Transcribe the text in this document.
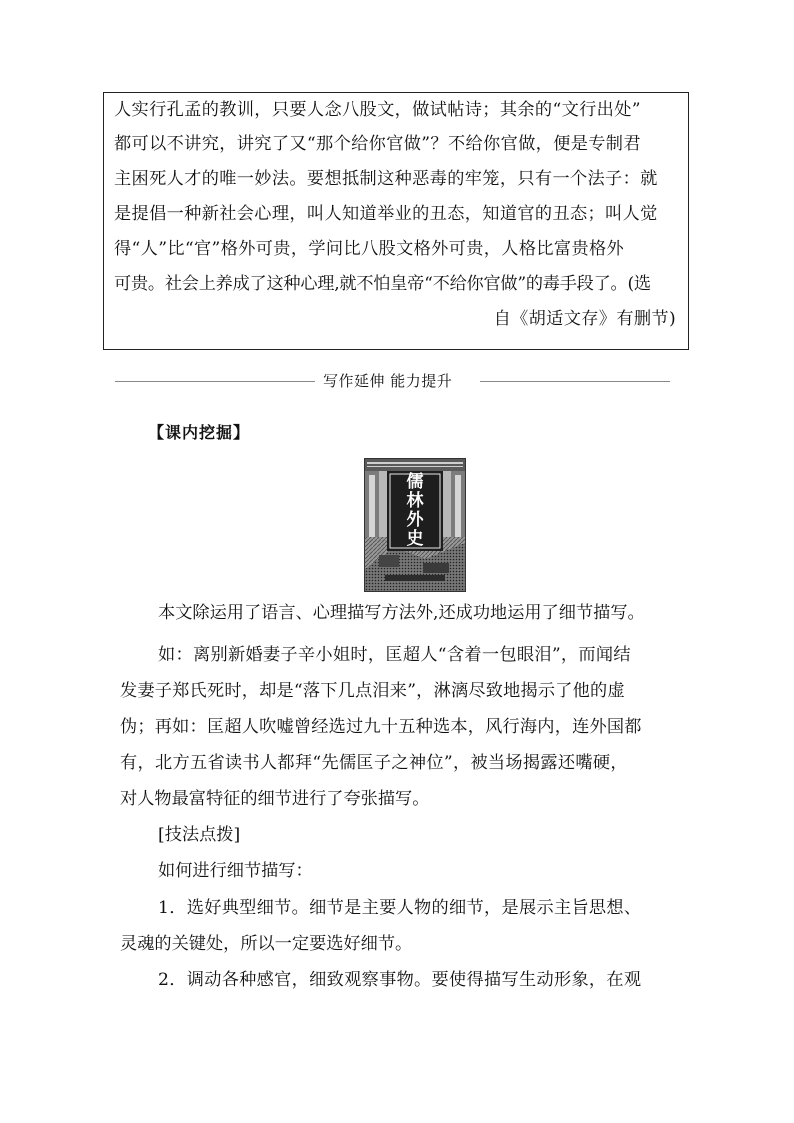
人实行孔孟的教训，只要人念八股文，做试帖诗；其余的“文行出处”
都可以不讲究，讲究了又“那个给你官做”？不给你官做，便是专制君
主困死人才的唯一妙法。要想抵制这种恶毒的牢笼，只有一个法子：就
是提倡一种新社会心理，叫人知道举业的丑态，知道官的丑态；叫人觉
得“人”比“官”格外可贵，学问比八股文格外可贵，人格比富贵格外
可贵。社会上养成了这种心理,就不怕皇帝“不给你官做”的毒手段了。(选
自《胡适文存》有删节)
写作延伸 能力提升
【课内挖掘】
儒林外史
本文除运用了语言、心理描写方法外,还成功地运用了细节描写。
如：离别新婚妻子辛小姐时，匡超人“含着一包眼泪”，而闻结
发妻子郑氏死时，却是“落下几点泪来”，淋漓尽致地揭示了他的虚
伪；再如：匡超人吹嘘曾经选过九十五种选本，风行海内，连外国都
有，北方五省读书人都拜“先儒匡子之神位”，被当场揭露还嘴硬，
对人物最富特征的细节进行了夸张描写。
[技法点拨]
如何进行细节描写：
1．选好典型细节。细节是主要人物的细节，是展示主旨思想、
灵魂的关键处，所以一定要选好细节。
2．调动各种感官，细致观察事物。要使得描写生动形象，在观
